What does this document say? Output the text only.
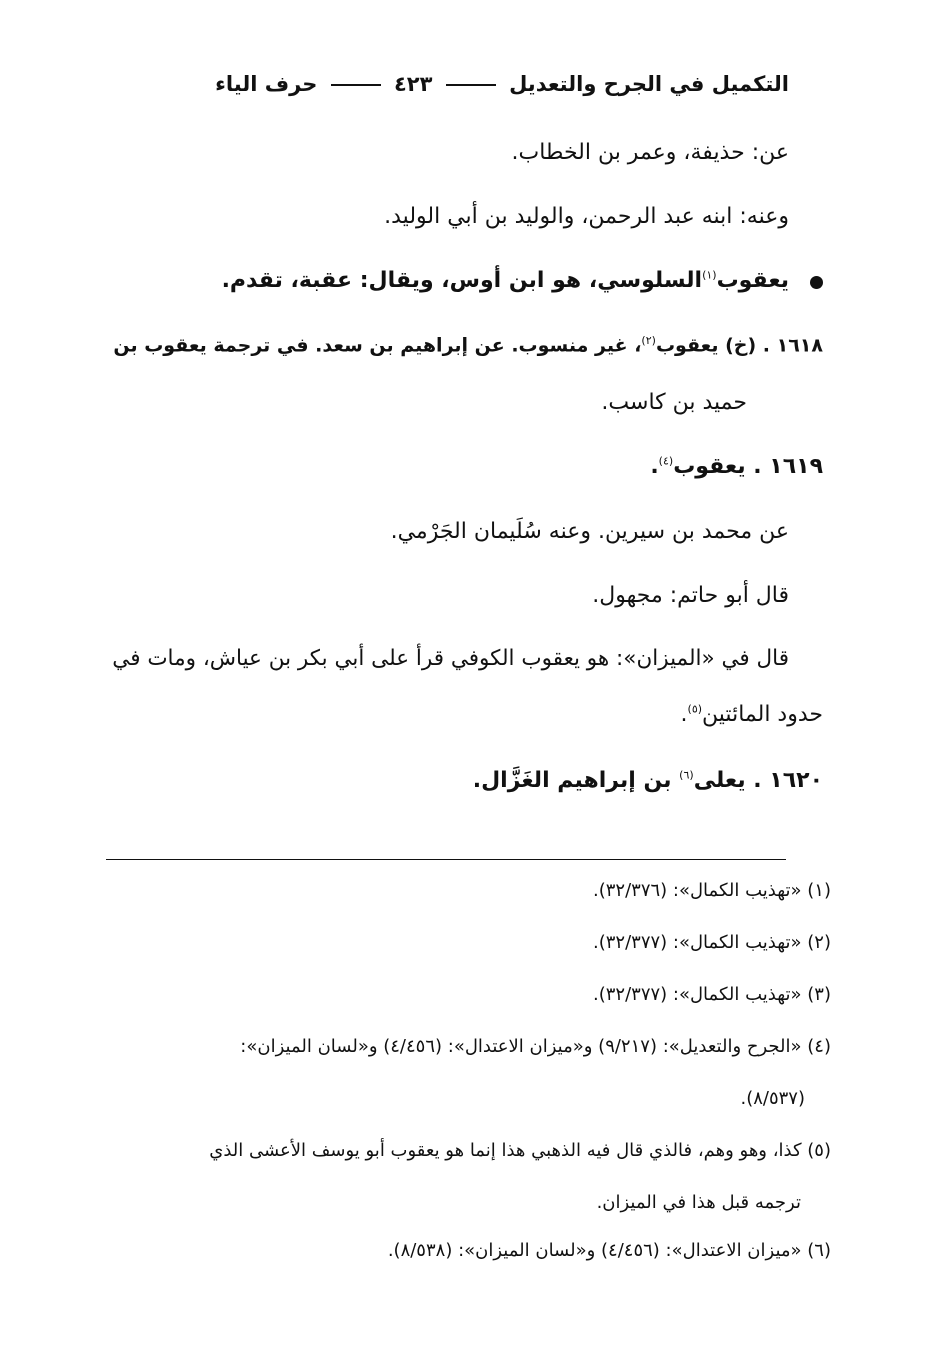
التكميل في الجرح والتعديل  ٤٢٣  حرف الياء
عن: حذيفة، وعمر بن الخطاب.
وعنه: ابنه عبد الرحمن، والوليد بن أبي الوليد.
يعقوب$^{(١)}$السلوسي، هو ابن أوس، ويقال: عقبة، تقدم.
١٦١٨ . (خ) يعقوب$^{(٢)}$، غير منسوب. عن إبراهيم بن سعد. في ترجمة يعقوب بن
حميد بن كاسب.
١٦١٩ . يعقوب$^{(٤)}$.
عن محمد بن سيرين. وعنه سُلَيمان الجَرْمي.
قال أبو حاتم: مجهول.
قال في «الميزان»: هو يعقوب الكوفي قرأ على أبي بكر بن عياش، ومات في
حدود المائتين$^{(٥)}$.
١٦٢٠ . يعلى$^{(٦)}$ بن إبراهيم الغَزَّال.
(١) «تهذيب الكمال»: (٣٢/٣٧٦).
(٢) «تهذيب الكمال»: (٣٢/٣٧٧).
(٣) «تهذيب الكمال»: (٣٢/٣٧٧).
(٤) «الجرح والتعديل»: (٩/٢١٧) و«ميزان الاعتدال»: (٤/٤٥٦) و«لسان الميزان»:
(٨/٥٣٧).
(٥) كذا، وهو وهم، فالذي قال فيه الذهبي هذا إنما هو يعقوب أبو يوسف الأعشى الذي
ترجمه قبل هذا في الميزان.
(٦) «ميزان الاعتدال»: (٤/٤٥٦) و«لسان الميزان»: (٨/٥٣٨).
